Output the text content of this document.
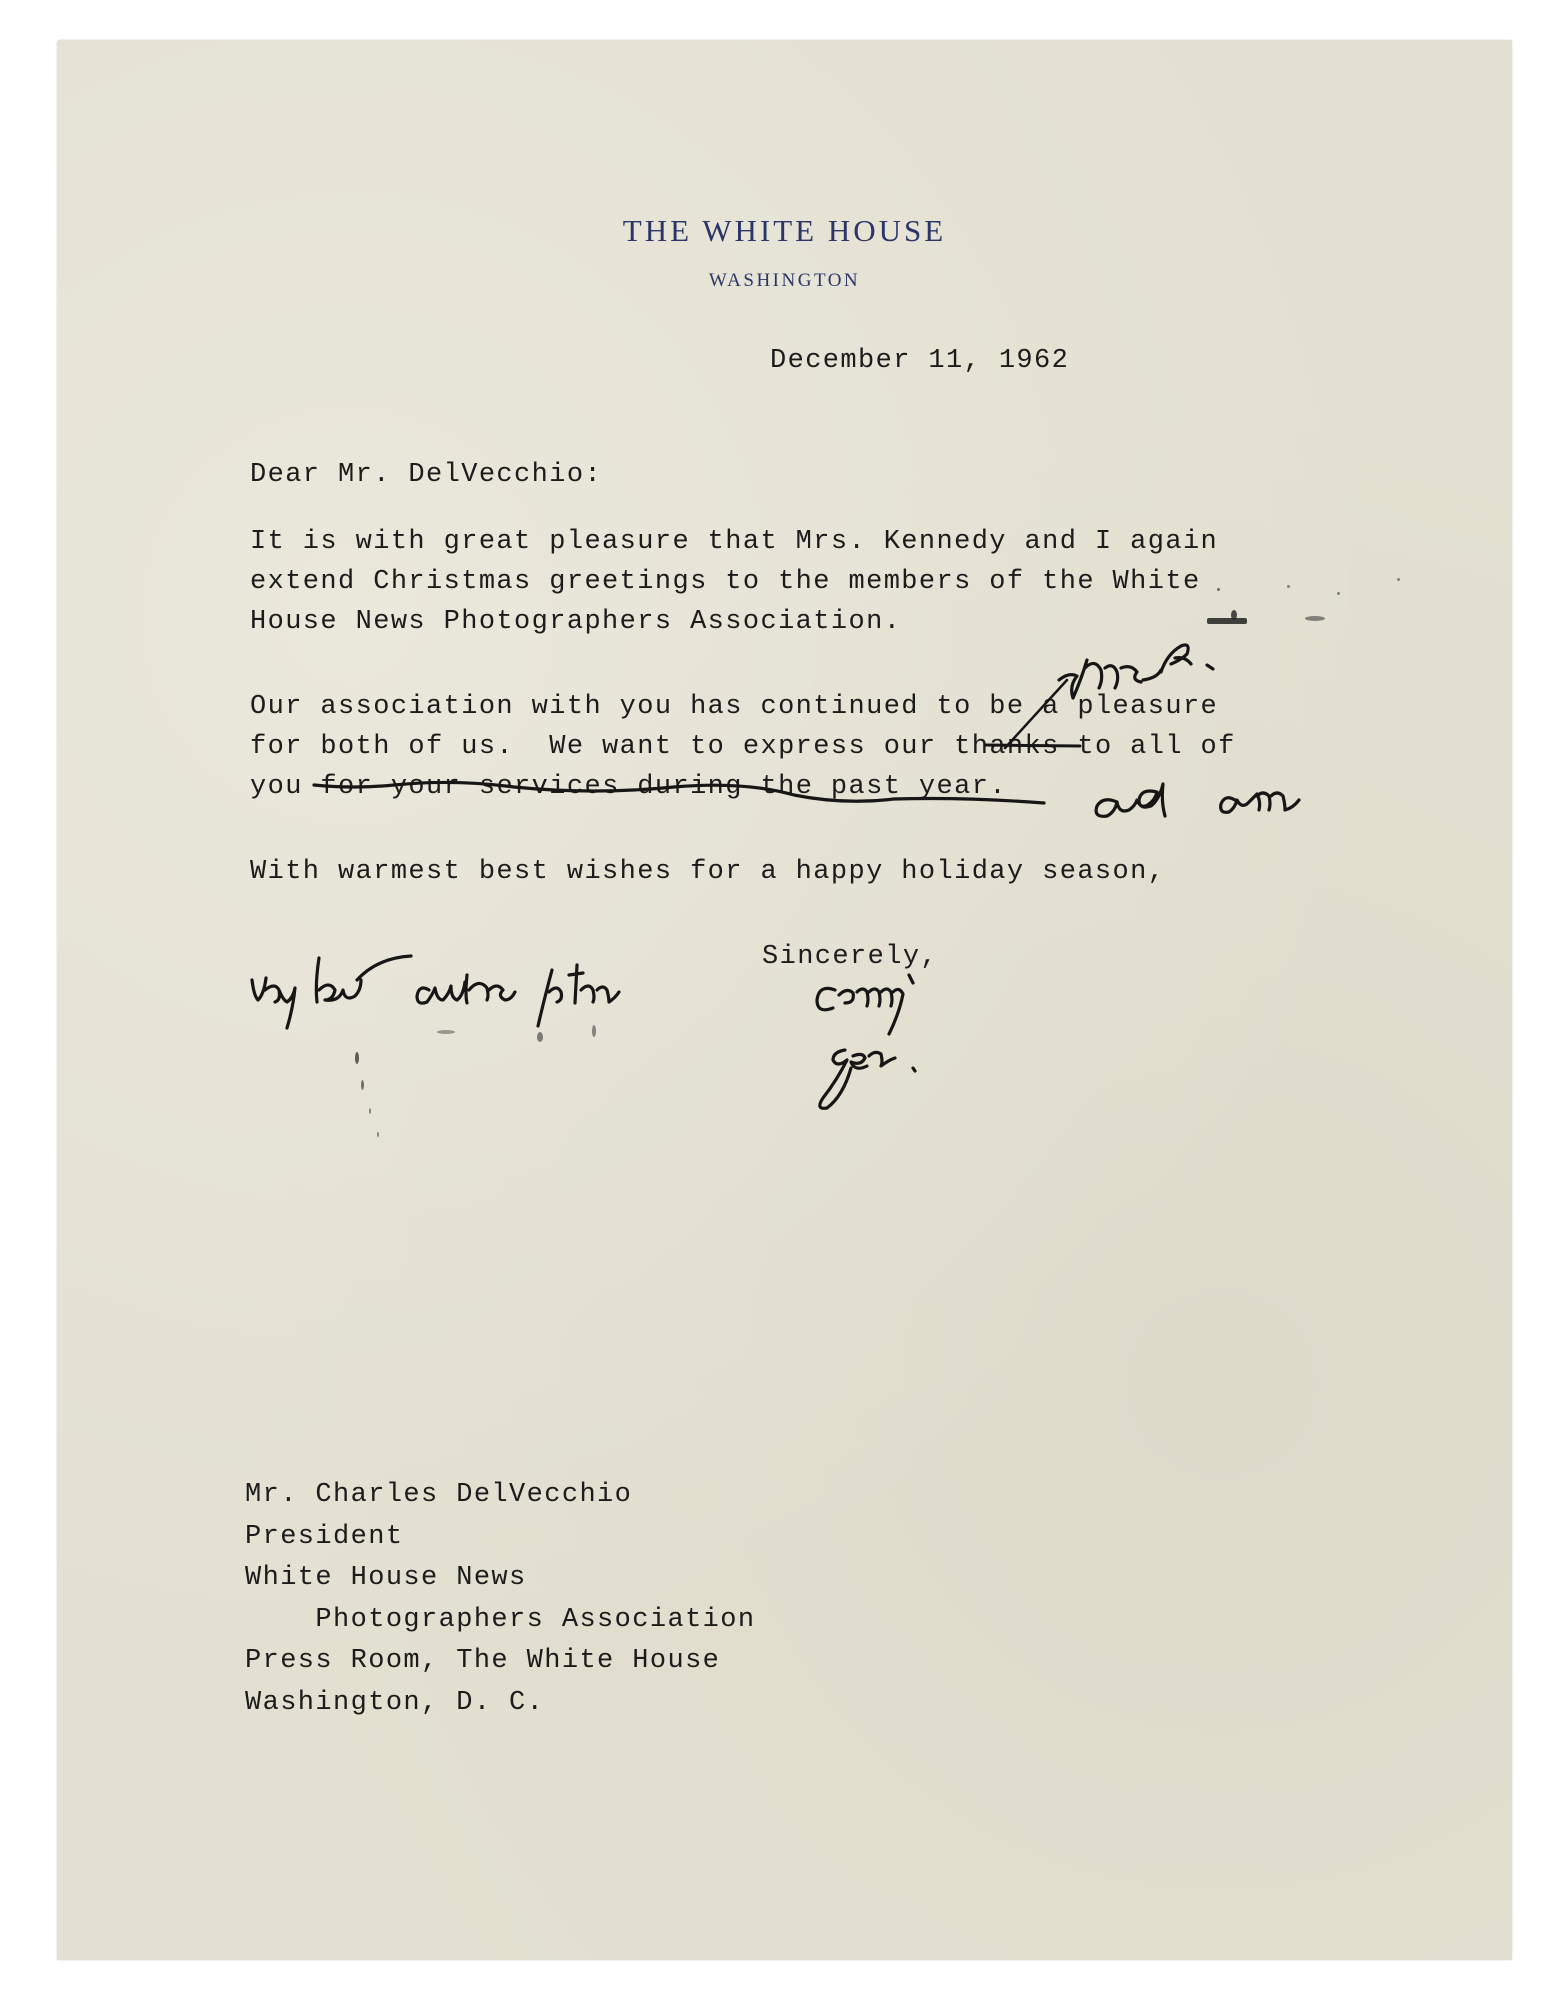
THE WHITE HOUSE
WASHINGTON
December 11, 1962
Dear Mr. DelVecchio:
It is with great pleasure that Mrs. Kennedy and I again
extend Christmas greetings to the members of the White
House News Photographers Association.
Our association with you has continued to be a pleasure
for both of us.  We want to express our thanks to all of
you for your services during the past year.
With warmest best wishes for a happy holiday season,
Sincerely,
Mr. Charles DelVecchio
President
White House News
Photographers Association
Press Room, The White House
Washington, D. C.
